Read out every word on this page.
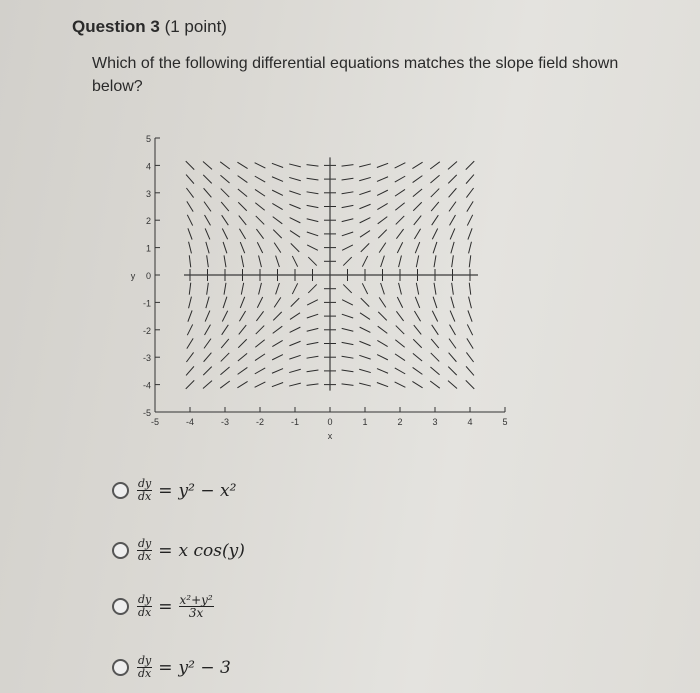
Question 3 (1 point)
Which of the following differential equations matches the slope field shown below?
5
4
3
2
1
0
-1
-2
-3
-4
-5
-5	-4	-3	-2	-1	0	1	2	3	4	5
x
y
$\frac{dy}{dx} = y^2 - x^2$
$\frac{dy}{dx} = x$ cos(y)
$\frac{dy}{dx} = \frac{\text{x²+y²}}{3x}$
$\frac{dy}{dx} = y^2 - 3$
